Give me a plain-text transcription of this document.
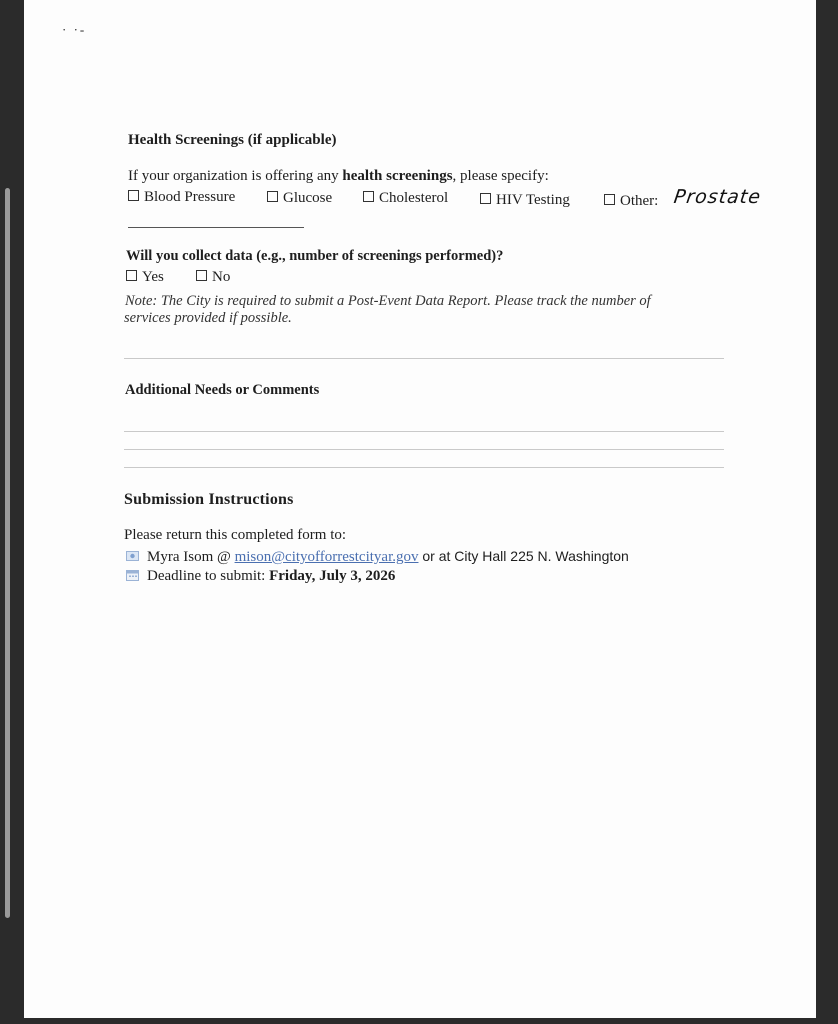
· ·-
Health Screenings (if applicable)
If your organization is offering any health screenings, please specify:
Blood Pressure	Glucose	Cholesterol	HIV Testing	Other: Prostate
Will you collect data (e.g., number of screenings performed)?
Yes	No
Note: The City is required to submit a Post-Event Data Report. Please track the number of
services provided if possible.
Additional Needs or Comments
Submission Instructions
Please return this completed form to:
Myra Isom @ mison@cityofforrestcityar.gov or at City Hall 225 N. Washington
Deadline to submit: Friday, July 3, 2026
